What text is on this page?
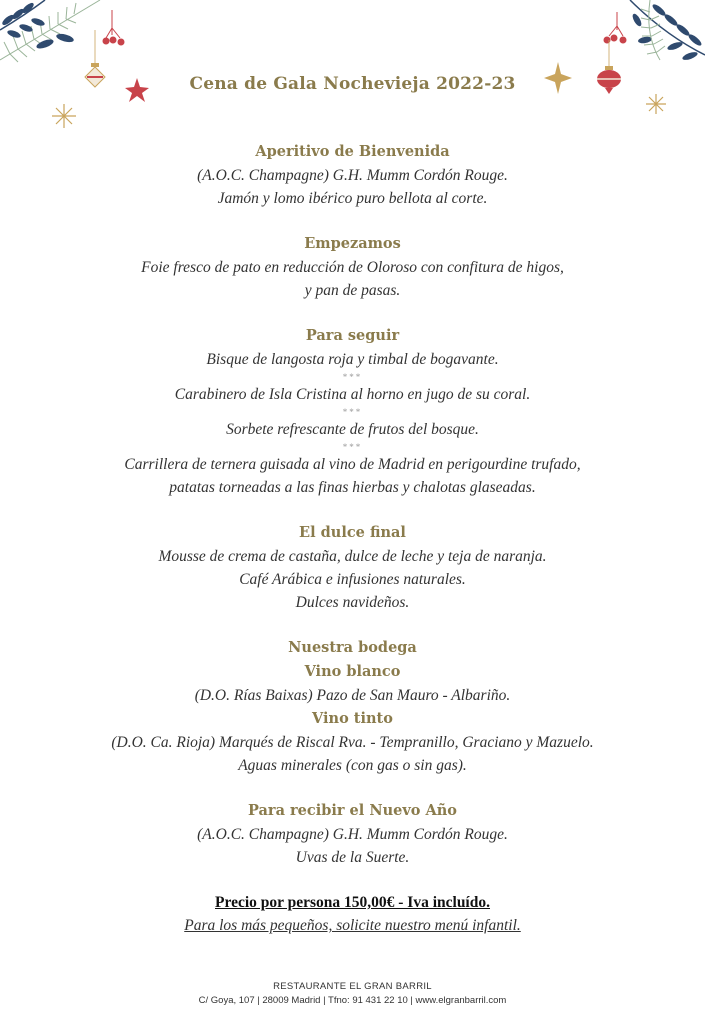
Cena de Gala Nochevieja 2022-23
Aperitivo de Bienvenida
(A.O.C. Champagne) G.H. Mumm Cordón Rouge.
Jamón y lomo ibérico puro bellota al corte.
Empezamos
Foie fresco de pato en reducción de Oloroso con confitura de higos,
y pan de pasas.
Para seguir
Bisque de langosta roja y timbal de bogavante.
***
Carabinero de Isla Cristina al horno en jugo de su coral.
***
Sorbete refrescante de frutos del bosque.
***
Carrillera de ternera guisada al vino de Madrid en perigourdine trufado,
patatas torneadas a las finas hierbas y chalotas glaseadas.
El dulce final
Mousse de crema de castaña, dulce de leche y teja de naranja.
Café Arábica e infusiones naturales.
Dulces navideños.
Nuestra bodega
Vino blanco
(D.O. Rías Baixas) Pazo de San Mauro - Albariño.
Vino tinto
(D.O. Ca. Rioja) Marqués de Riscal Rva. - Tempranillo, Graciano y Mazuelo.
Aguas minerales (con gas o sin gas).
Para recibir el Nuevo Año
(A.O.C. Champagne) G.H. Mumm Cordón Rouge.
Uvas de la Suerte.
Precio por persona 150,00€ - Iva incluído.
Para los más pequeños, solicite nuestro menú infantil.
RESTAURANTE EL GRAN BARRIL
C/ Goya, 107 | 28009 Madrid | Tfno: 91 431 22 10 | www.elgranbarril.com
